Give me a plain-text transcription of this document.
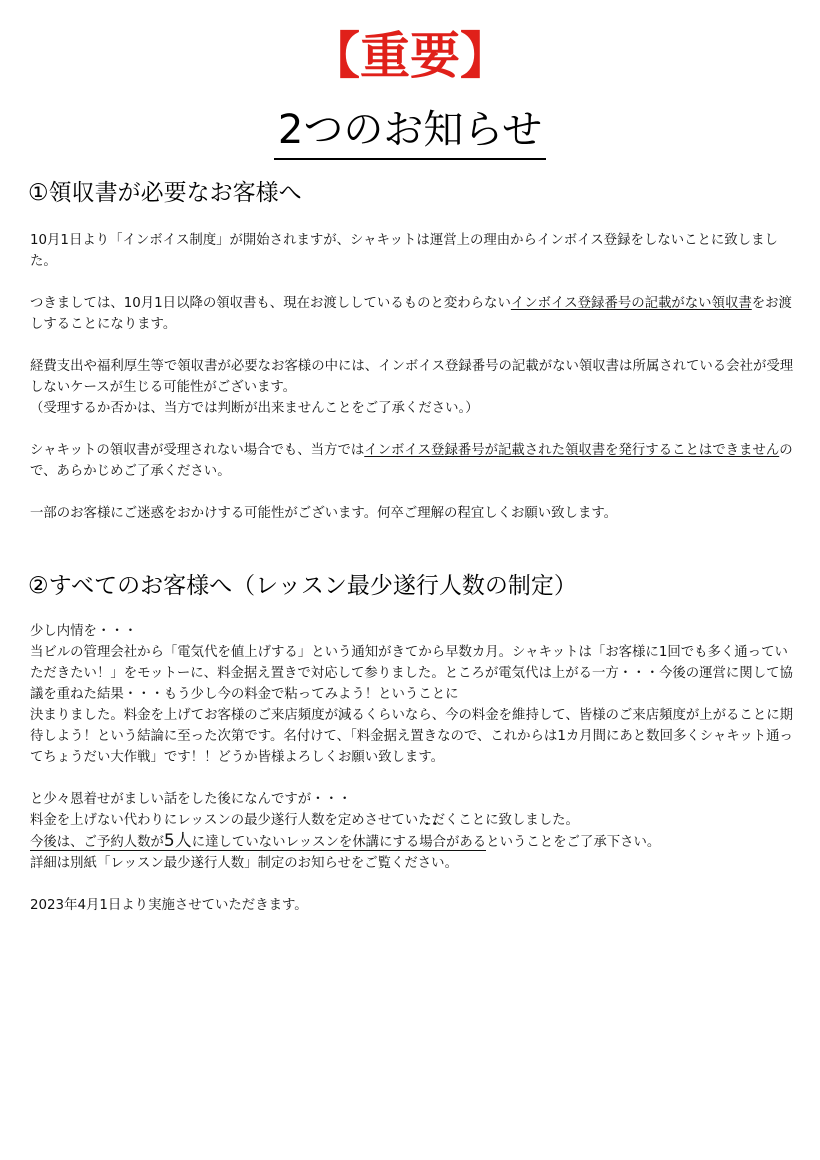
【重要】
2つのお知らせ
①領収書が必要なお客様へ

10月1日より「インボイス制度」が開始されますが、シャキットは運営上の理由からインボイス登録をしないことに致しました。

つきましては、10月1日以降の領収書も、現在お渡ししているものと変わらないインボイス登録番号の記載がない領収書をお渡しすることになります。

経費支出や福利厚生等で領収書が必要なお客様の中には、インボイス登録番号の記載がない領収書は所属されている会社が受理しないケースが生じる可能性がございます。

（受理するか否かは、当方では判断が出来ませんことをご了承ください。）

シャキットの領収書が受理されない場合でも、当方ではインボイス登録番号が記載された領収書を発行することはできませんので、あらかじめご了承ください。

一部のお客様にご迷惑をおかけする可能性がございます。何卒ご理解の程宜しくお願い致します。

②すべてのお客様へ（レッスン最少遂行人数の制定）

少し内情を・・・

当ビルの管理会社から「電気代を値上げする」という通知がきてから早数カ月。シャキットは「お客様に1回でも多く通っていただきたい！」をモットーに、料金据え置きで対応して参りました。ところが電気代は上がる一方・・・今後の運営に関して協議を重ねた結果・・・もう少し今の料金で粘ってみよう！ということに

決まりました。料金を上げてお客様のご来店頻度が減るくらいなら、今の料金を維持して、皆様のご来店頻度が上がることに期待しよう！という結論に至った次第です。名付けて、「料金据え置きなので、これからは1カ月間にあと数回多くシャキット通ってちょうだい大作戦」です！！どうか皆様よろしくお願い致します。

と少々恩着せがましい話をした後になんですが・・・

料金を上げない代わりにレッスンの最少遂行人数を定めさせていただくことに致しました。

今後は、ご予約人数が5人に達していないレッスンを休講にする•• 場合があるということをご了承下さい。

詳細は別紙「レッスン最少遂行人数」制定のお知らせをご覧ください。

2023年4月1日より実施させていただきます。
